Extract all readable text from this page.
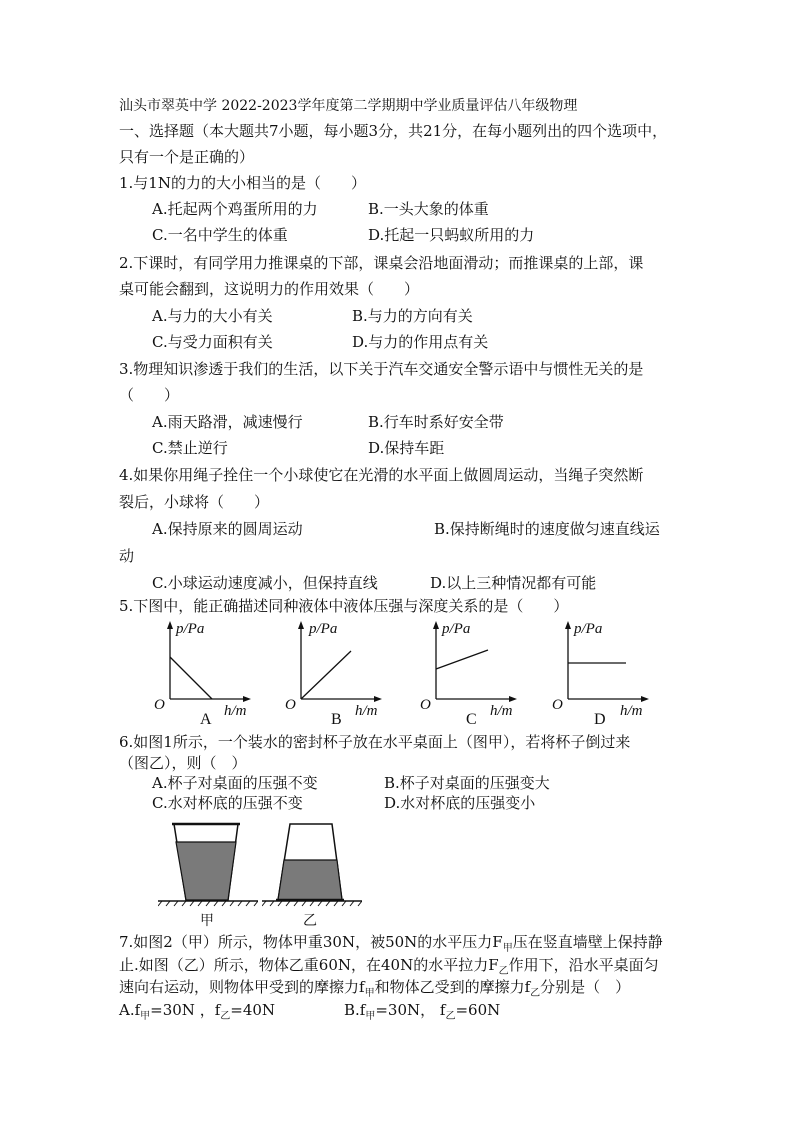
汕头市翠英中学 2022-2023学年度第二学期期中学业质量评估八年级物理
一、选择题（本大题共7小题，每小题3分，共21分，在每小题列出的四个选项中，
只有一个是正确的）
1.与1N的力的大小相当的是（　　）
A.托起两个鸡蛋所用的力	B.一头大象的体重
C.一名中学生的体重	D.托起一只蚂蚁所用的力
2.下课时，有同学用力推课桌的下部，课桌会沿地面滑动；而推课桌的上部，课
桌可能会翻到，这说明力的作用效果（　　）
A.与力的大小有关	B.与力的方向有关
C.与受力面积有关	D.与力的作用点有关
3.物理知识渗透于我们的生活，以下关于汽车交通安全警示语中与惯性无关的是
（　　）
A.雨天路滑，减速慢行	B.行车时系好安全带
C.禁止逆行	D.保持车距
4.如果你用绳子拴住一个小球使它在光滑的水平面上做圆周运动，当绳子突然断
裂后，小球将（　　）
A.保持原来的圆周运动	B.保持断绳时的速度做匀速直线运
动
C.小球运动速度减小，但保持直线	D.以上三种情况都有可能
5.下图中，能正确描述同种液体中液体压强与深度关系的是（　　）
p/Pa
O	h/m
A
p/Pa
O	h/m
B
p/Pa
O	h/m
C
p/Pa
O	h/m
D
6.如图1所示，一个装水的密封杯子放在水平桌面上（图甲），若将杯子倒过来
（图乙），则（　）
A.杯子对桌面的压强不变	B.杯子对桌面的压强变大
C.水对杯底的压强不变	D.水对杯底的压强变小
甲	乙
7.如图2（甲）所示，物体甲重30N，被50N的水平压力$F_甲$压在竖直墙壁上保持静
止.如图（乙）所示，物体乙重60N，在40N的水平拉力$F_乙$作用下，沿水平桌面匀
速向右运动，则物体甲受到的摩擦力$f_甲$和物体乙受到的摩擦力$f_乙$分别是（　）
$A.f_甲=30N$ ，$f_乙=40N$	$B.f_甲=30N$， $f_乙=60N$
